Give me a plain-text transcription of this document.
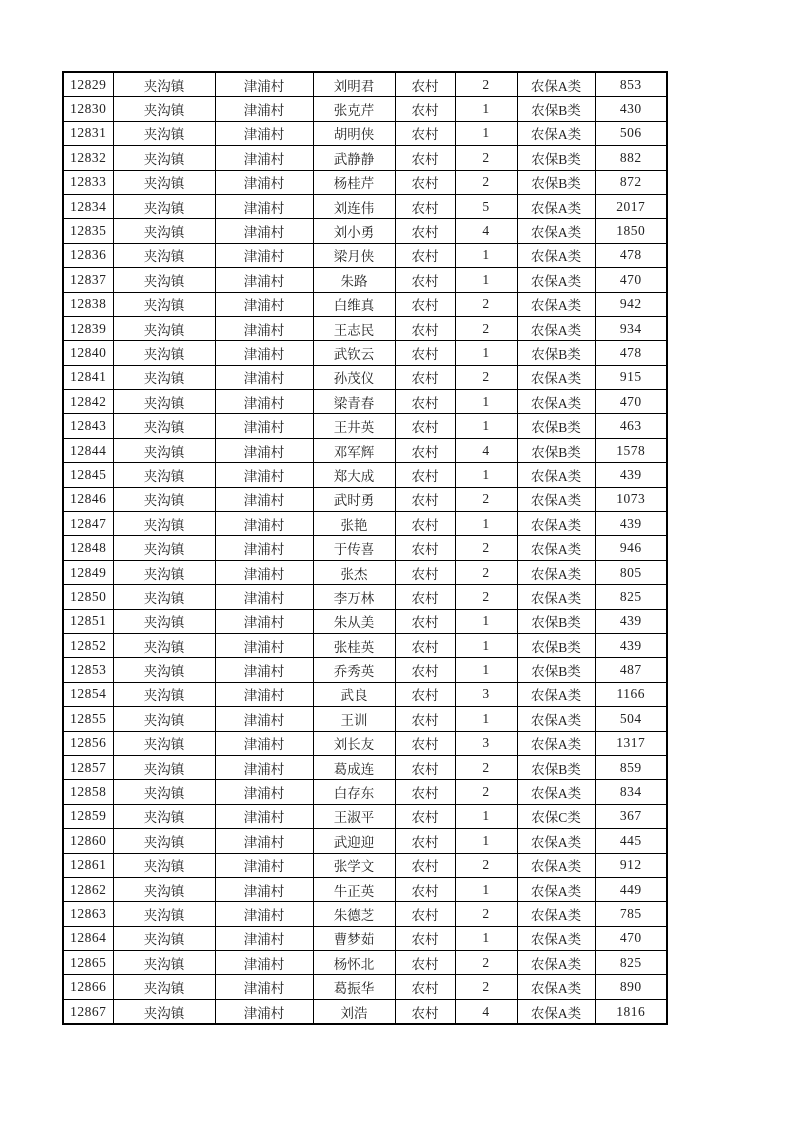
12829	夹沟镇	津浦村	刘明君	农村	2	农保A类	853
12830	夹沟镇	津浦村	张克芹	农村	1	农保B类	430
12831	夹沟镇	津浦村	胡明侠	农村	1	农保A类	506
12832	夹沟镇	津浦村	武静静	农村	2	农保B类	882
12833	夹沟镇	津浦村	杨桂芹	农村	2	农保B类	872
12834	夹沟镇	津浦村	刘连伟	农村	5	农保A类	2017
12835	夹沟镇	津浦村	刘小勇	农村	4	农保A类	1850
12836	夹沟镇	津浦村	梁月侠	农村	1	农保A类	478
12837	夹沟镇	津浦村	朱路	农村	1	农保A类	470
12838	夹沟镇	津浦村	白维真	农村	2	农保A类	942
12839	夹沟镇	津浦村	王志民	农村	2	农保A类	934
12840	夹沟镇	津浦村	武钦云	农村	1	农保B类	478
12841	夹沟镇	津浦村	孙茂仪	农村	2	农保A类	915
12842	夹沟镇	津浦村	梁青春	农村	1	农保A类	470
12843	夹沟镇	津浦村	王井英	农村	1	农保B类	463
12844	夹沟镇	津浦村	邓军辉	农村	4	农保B类	1578
12845	夹沟镇	津浦村	郑大成	农村	1	农保A类	439
12846	夹沟镇	津浦村	武时勇	农村	2	农保A类	1073
12847	夹沟镇	津浦村	张艳	农村	1	农保A类	439
12848	夹沟镇	津浦村	于传喜	农村	2	农保A类	946
12849	夹沟镇	津浦村	张杰	农村	2	农保A类	805
12850	夹沟镇	津浦村	李万林	农村	2	农保A类	825
12851	夹沟镇	津浦村	朱从美	农村	1	农保B类	439
12852	夹沟镇	津浦村	张桂英	农村	1	农保B类	439
12853	夹沟镇	津浦村	乔秀英	农村	1	农保B类	487
12854	夹沟镇	津浦村	武良	农村	3	农保A类	1166
12855	夹沟镇	津浦村	王训	农村	1	农保A类	504
12856	夹沟镇	津浦村	刘长友	农村	3	农保A类	1317
12857	夹沟镇	津浦村	葛成连	农村	2	农保B类	859
12858	夹沟镇	津浦村	白存东	农村	2	农保A类	834
12859	夹沟镇	津浦村	王淑平	农村	1	农保C类	367
12860	夹沟镇	津浦村	武迎迎	农村	1	农保A类	445
12861	夹沟镇	津浦村	张学文	农村	2	农保A类	912
12862	夹沟镇	津浦村	牛正英	农村	1	农保A类	449
12863	夹沟镇	津浦村	朱德芝	农村	2	农保A类	785
12864	夹沟镇	津浦村	曹梦茹	农村	1	农保A类	470
12865	夹沟镇	津浦村	杨怀北	农村	2	农保A类	825
12866	夹沟镇	津浦村	葛振华	农村	2	农保A类	890
12867	夹沟镇	津浦村	刘浩	农村	4	农保A类	1816
